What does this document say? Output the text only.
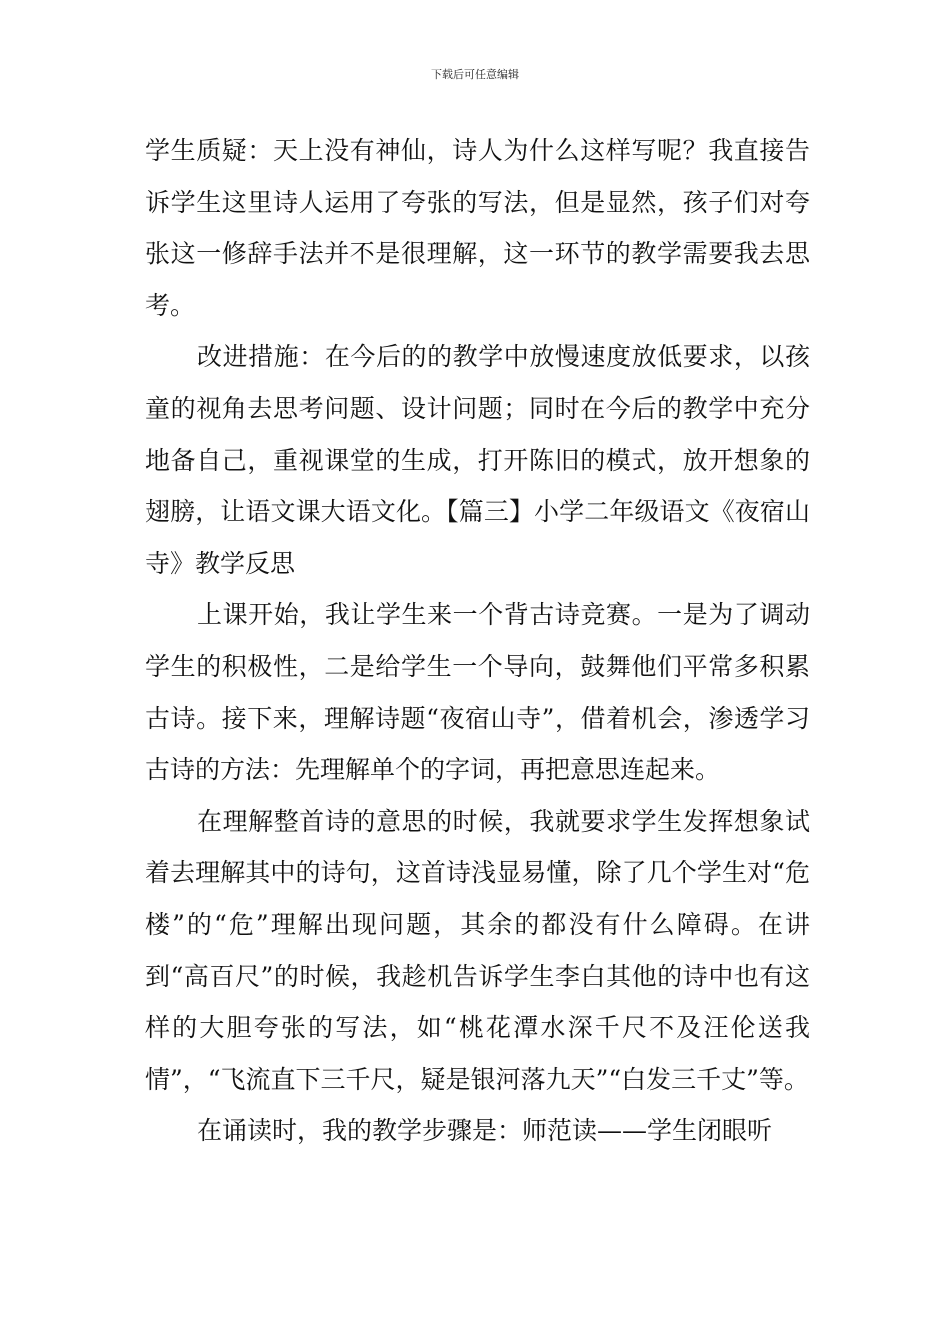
下载后可任意编辑

学生质疑：天上没有神仙，诗人为什么这样写呢？我直接告诉学生这里诗人运用了夸张的写法，但是显然，孩子们对夸张这一修辞手法并不是很理解，这一环节的教学需要我去思考。

改进措施：在今后的的教学中放慢速度放低要求，以孩童的视角去思考问题、设计问题；同时在今后的教学中充分地备自己，重视课堂的生成，打开陈旧的模式，放开想象的翅膀，让语文课大语文化。【篇三】小学二年级语文《夜宿山寺》教学反思

上课开始，我让学生来一个背古诗竞赛。一是为了调动学生的积极性，二是给学生一个导向，鼓舞他们平常多积累古诗。接下来，理解诗题“夜宿山寺”，借着机会，渗透学习古诗的方法：先理解单个的字词，再把意思连起来。

在理解整首诗的意思的时候，我就要求学生发挥想象试着去理解其中的诗句，这首诗浅显易懂，除了几个学生对“危楼”的“危”理解出现问题，其余的都没有什么障碍。在讲到“高百尺”的时候，我趁机告诉学生李白其他的诗中也有这样的大胆夸张的写法，如“桃花潭水深千尺不及汪伦送我情”，“飞流直下三千尺，疑是银河落九天”“白发三千丈”等。

在诵读时，我的教学步骤是：师范读——学生闭眼听
